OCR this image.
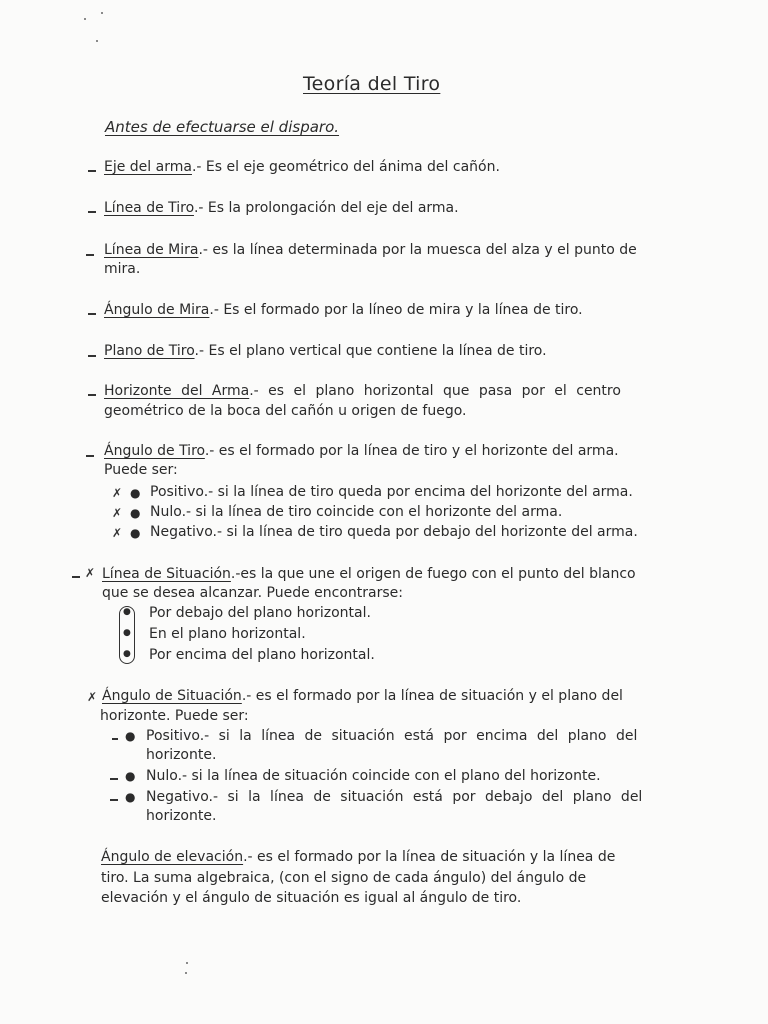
Teoría del Tiro
Antes de efectuarse el disparo.
Eje del arma.- Es el eje geométrico del ánima del cañón.
Línea de Tiro.- Es la prolongación del eje del arma.
Línea de Mira.- es la línea determinada por la muesca del alza y el punto de
mira.
Ángulo de Mira.- Es el formado por la líneo de mira y la línea de tiro.
Plano de Tiro.- Es el plano vertical que contiene la línea de tiro.
Horizonte del Arma.- es el plano horizontal que pasa por el centro
geométrico de la boca del cañón u origen de fuego.
Ángulo de Tiro.- es el formado por la línea de tiro y el horizonte del arma.
Puede ser:
✗ ● Positivo.- si la línea de tiro queda por encima del horizonte del arma.
✗ ● Nulo.- si la línea de tiro coincide con el horizonte del arma.
✗ ● Negativo.- si la línea de tiro queda por debajo del horizonte del arma.
✗ Línea de Situación.-es la que une el origen de fuego con el punto del blanco
que se desea alcanzar. Puede encontrarse:
● Por debajo del plano horizontal.
● En el plano horizontal.
● Por encima del plano horizontal.
✗ Ángulo de Situación.- es el formado por la línea de situación y el plano del
horizonte. Puede ser:
● Positivo.- si la línea de situación está por encima del plano del
horizonte.
● Nulo.- si la línea de situación coincide con el plano del horizonte.
● Negativo.- si la línea de situación está por debajo del plano del
horizonte.
Ángulo de elevación.- es el formado por la línea de situación y la línea de
tiro. La suma algebraica, (con el signo de cada ángulo) del ángulo de
elevación y el ángulo de situación es igual al ángulo de tiro.
